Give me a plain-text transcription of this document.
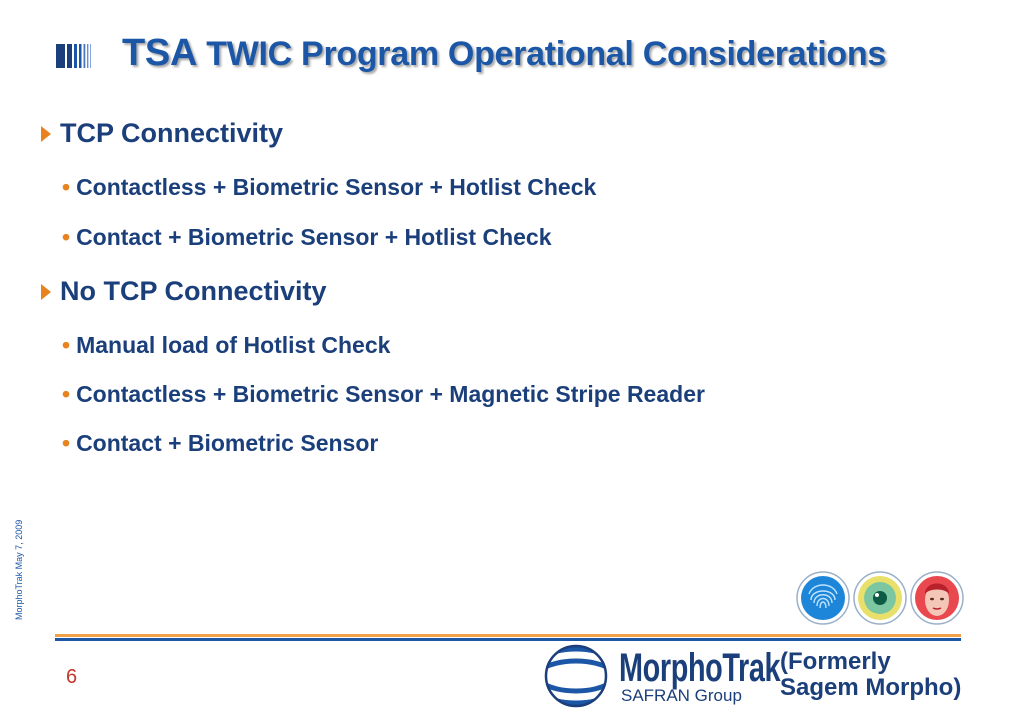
TSA TWIC Program Operational Considerations
TCP Connectivity
• Contactless + Biometric Sensor + Hotlist Check
• Contact + Biometric Sensor + Hotlist Check
No TCP Connectivity
• Manual load of Hotlist Check
• Contactless + Biometric Sensor + Magnetic Stripe Reader
• Contact + Biometric Sensor
MorphoTrak May 7, 2009
6	MorphoTrak
SAFRAN Group
(Formerly
Sagem Morpho)
